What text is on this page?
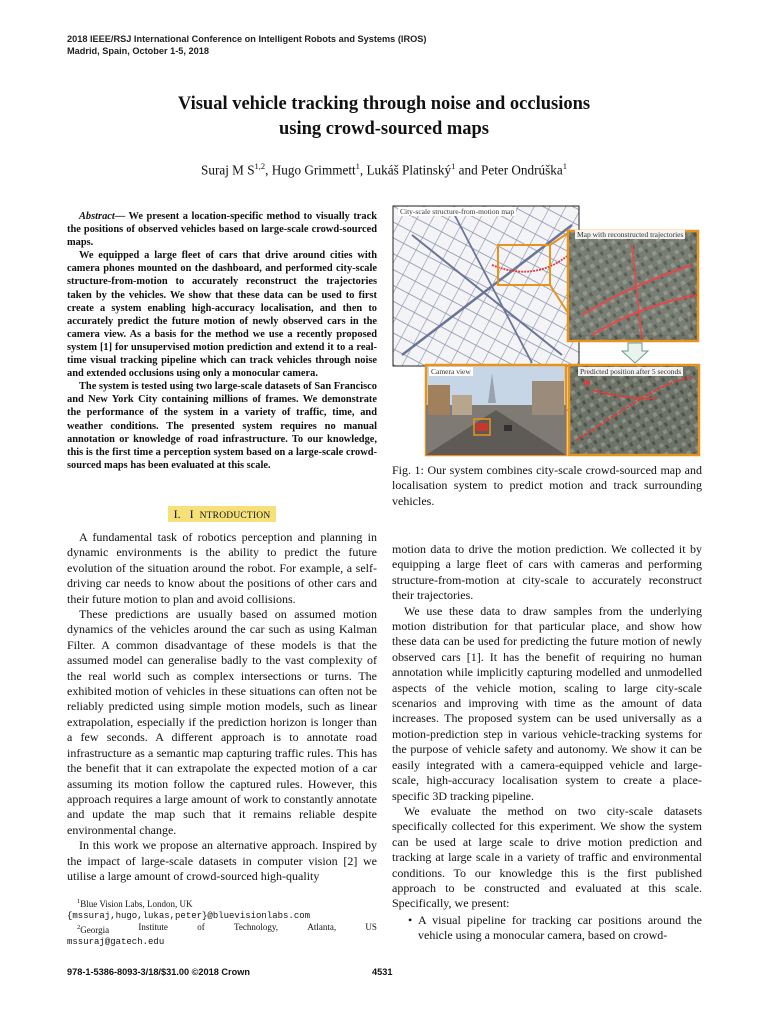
2018 IEEE/RSJ International Conference on Intelligent Robots and Systems (IROS)
Madrid, Spain, October 1-5, 2018
Visual vehicle tracking through noise and occlusions
using crowd-sourced maps
Suraj M S$^{1,2}$, Hugo Grimmett$^1$, Lukáš Platinský$^1$ and Peter Ondrúška$^1$

Abstract— We present a location-specific method to visually track the positions of observed vehicles based on large-scale crowd-sourced maps.

We equipped a large fleet of cars that drive around cities with camera phones mounted on the dashboard, and performed city-scale structure-from-motion to accurately reconstruct the trajectories taken by the vehicles. We show that these data can be used to first create a system enabling high-accuracy localisation, and then to accurately predict the future motion of newly observed cars in the camera view. As a basis for the method we use a recently proposed system [1] for unsupervised motion prediction and extend it to a real-time visual tracking pipeline which can track vehicles through noise and extended occlusions using only a monocular camera.

The system is tested using two large-scale datasets of San Francisco and New York City containing millions of frames. We demonstrate the performance of the system in a variety of traffic, time, and weather conditions. The presented system requires no manual annotation or knowledge of road infrastructure. To our knowledge, this is the first time a perception system based on a large-scale crowd-sourced maps has been evaluated at this scale.

I. I NTRODUCTION

A fundamental task of robotics perception and planning in dynamic environments is the ability to predict the future evolution of the situation around the robot. For example, a self-driving car needs to know about the positions of other cars and their future motion to plan and avoid collisions.

These predictions are usually based on assumed motion dynamics of the vehicles around the car such as using Kalman Filter. A common disadvantage of these models is that the assumed model can generalise badly to the vast complexity of the real world such as complex intersections or turns. The exhibited motion of vehicles in these situations can often not be reliably predicted using simple motion models, such as linear extrapolation, especially if the prediction horizon is longer than a few seconds. A different approach is to annotate road infrastructure as a semantic map capturing traffic rules. This has the benefit that it can extrapolate the expected motion of a car assuming its motion follow the captured rules. However, this approach requires a large amount of work to constantly annotate and update the map such that it remains reliable despite environmental change.

In this work we propose an alternative approach. Inspired by the impact of large-scale datasets in computer vision [2] we utilise a large amount of crowd-sourced high-quality

$^1$Blue Vision Labs, London, UK
{mssuraj,hugo,lukas,peter}@bluevisionlabs.com
$^2$Georgia	Institute	of	Technology,	Atlanta,	US
mssuraj@gatech.edu
City-scale structure-from-motion map
Map with reconstructed trajectories
Camera view	Predicted position after 5 seconds
Fig. 1: Our system combines city-scale crowd-sourced map and localisation system to predict motion and track surrounding vehicles.

motion data to drive the motion prediction. We collected it by equipping a large fleet of cars with cameras and performing structure-from-motion at city-scale to accurately reconstruct their trajectories.

We use these data to draw samples from the underlying motion distribution for that particular place, and show how these data can be used for predicting the future motion of newly observed cars [1]. It has the benefit of requiring no human annotation while implicitly capturing modelled and unmodelled aspects of the vehicle motion, scaling to large city-scale scenarios and improving with time as the amount of data increases. The proposed system can be used universally as a motion-prediction step in various vehicle-tracking systems for the purpose of vehicle safety and autonomy. We show it can be easily integrated with a camera-equipped vehicle and large-scale, high-accuracy localisation system to create a place-specific 3D tracking pipeline.

We evaluate the method on two city-scale datasets specifically collected for this experiment. We show the system can be used at large scale to drive motion prediction and tracking at large scale in a variety of traffic and environmental conditions. To our knowledge this is the first published approach to be constructed and evaluated at this scale. Specifically, we present:

• A visual pipeline for tracking car positions around the vehicle using a monocular camera, based on crowd-
978-1-5386-8093-3/18/$31.00 ©2018 Crown	4531
